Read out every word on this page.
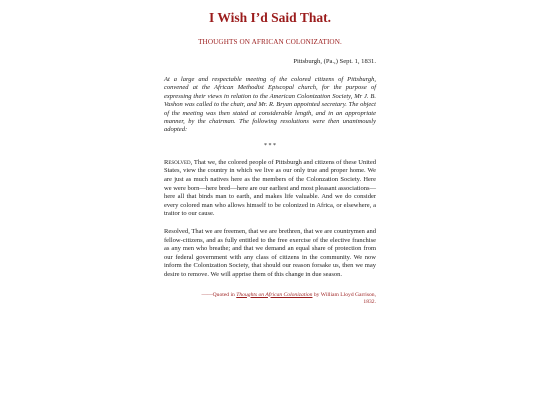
I Wish I’d Said That.
THOUGHTS ON AFRICAN COLONIZATION.
Pittsburgh, (Pa.,) Sept. 1, 1831.

At a large and respectable meeting of the colored citizens of Pittsburgh, convened at the African Methodist Episcopal church, for the purpose of expressing their views in relation to the American Colonization Society, Mr J. B. Vashon was called to the chair, and Mr. R. Bryan appointed secretary. The object of the meeting was then stated at considerable length, and in an appropriate manner, by the chairman. The following resolutions were then unanimously adopted:

* * *

Resolved, That we, the colored people of Pittsburgh and citizens of these United States, view the country in which we live as our only true and proper home. We are just as much natives here as the members of the Colonzation Society. Here we were born—here bred—here are our earliest and most pleasant associations—here all that binds man to earth, and makes life valuable. And we do consider every colored man who allows himself to be colonized in Africa, or elsewhere, a traitor to our cause.

Resolved, That we are freemen, that we are brethren, that we are countrymen and fellow-citizens, and as fully entitled to the free exercise of the elective franchise as any men who breathe; and that we demand an equal share of protection from our federal government with any class of citizens in the community. We now inform the Colonization Society, that should our reason forsake us, then we may desire to remove. We will apprise them of this change in due season.

——Quoted in Thoughts on African Colonization by William Lloyd Garrison,
1832.
